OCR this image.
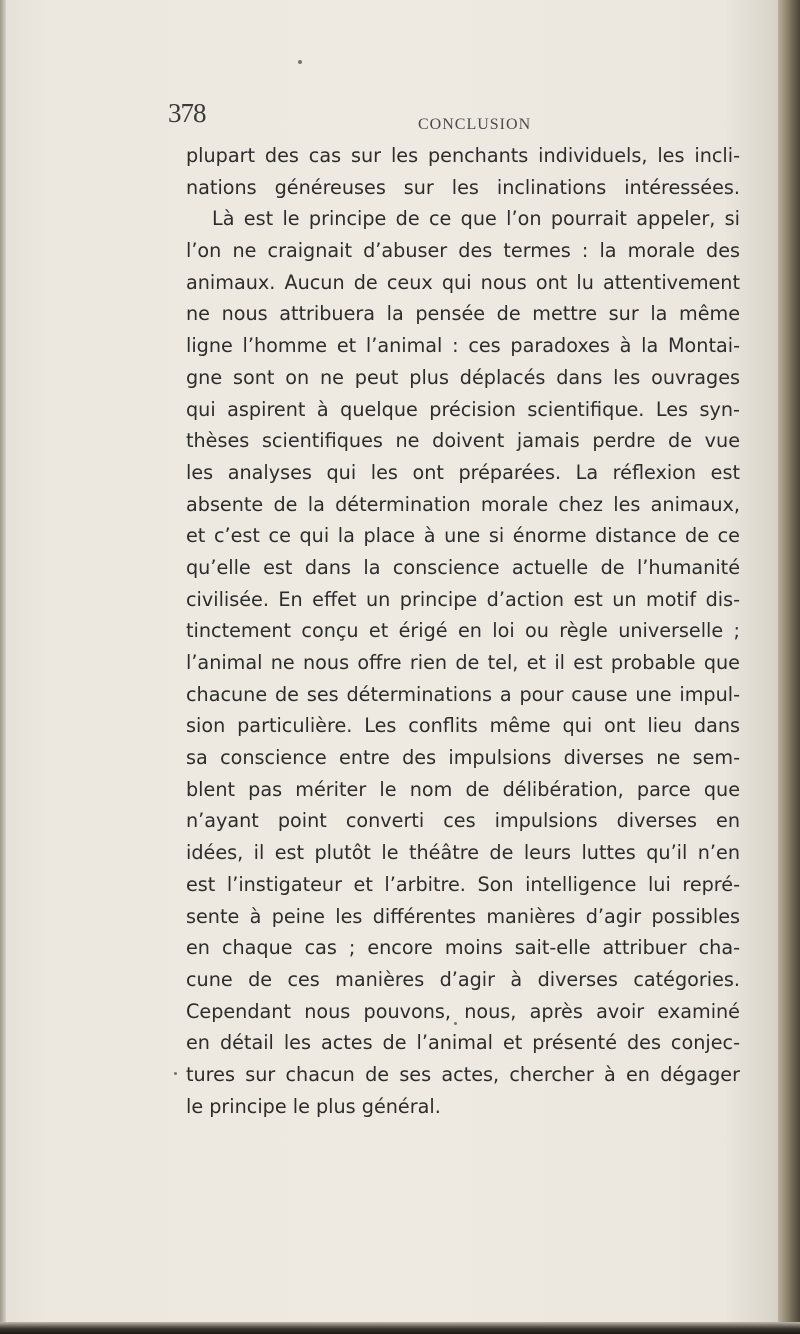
378	CONCLUSION
plupart des cas sur les penchants individuels, les incli-
nations généreuses sur les inclinations intéressées.
Là est le principe de ce que l’on pourrait appeler, si
l’on ne craignait d’abuser des termes : la morale des
animaux. Aucun de ceux qui nous ont lu attentivement
ne nous attribuera la pensée de mettre sur la même
ligne l’homme et l’animal : ces paradoxes à la Montai-
gne sont on ne peut plus déplacés dans les ouvrages
qui aspirent à quelque précision scientifique. Les syn-
thèses scientifiques ne doivent jamais perdre de vue
les analyses qui les ont préparées. La réflexion est
absente de la détermination morale chez les animaux,
et c’est ce qui la place à une si énorme distance de ce
qu’elle est dans la conscience actuelle de l’humanité
civilisée. En effet un principe d’action est un motif dis-
tinctement conçu et érigé en loi ou règle universelle ;
l’animal ne nous offre rien de tel, et il est probable que
chacune de ses déterminations a pour cause une impul-
sion particulière. Les conflits même qui ont lieu dans
sa conscience entre des impulsions diverses ne sem-
blent pas mériter le nom de délibération, parce que
n’ayant point converti ces impulsions diverses en
idées, il est plutôt le théâtre de leurs luttes qu’il n’en
est l’instigateur et l’arbitre. Son intelligence lui repré-
sente à peine les différentes manières d’agir possibles
en chaque cas ; encore moins sait-elle attribuer cha-
cune de ces manières d’agir à diverses catégories.
Cependant nous pouvons, nous, après avoir examiné
en détail les actes de l’animal et présenté des conjec-
tures sur chacun de ses actes, chercher à en dégager
le principe le plus général.
